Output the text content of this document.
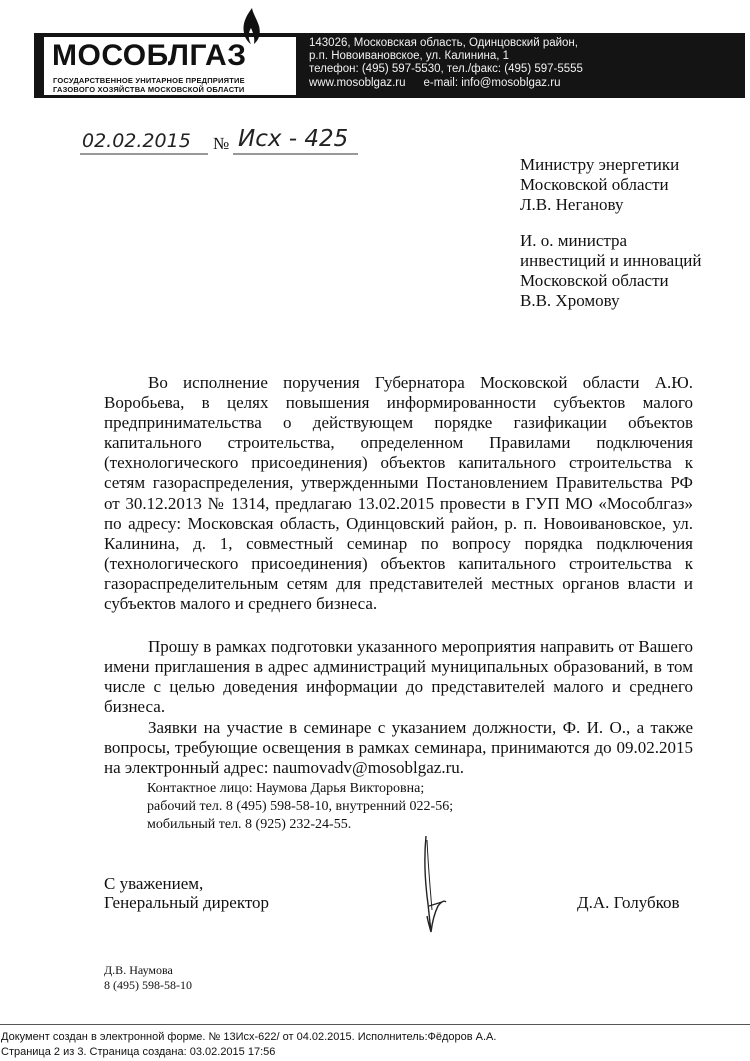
МОСОБЛГАЗ
ГОСУДАРСТВЕННОЕ УНИТАРНОЕ ПРЕДПРИЯТИЕ
ГАЗОВОГО ХОЗЯЙСТВА МОСКОВСКОЙ ОБЛАСТИ
143026, Московская область, Одинцовский район,
р.п. Новоивановское, ул. Калинина, 1
телефон: (495) 597-5530, тел./факс: (495) 597-5555
www.mosoblgaz.ru e-mail: info@mosoblgaz.ru
02.02.2015 № Исх - 425
Министру энергетики
Московской области
Л.В. Неганову
И. о. министра
инвестиций и инноваций
Московской области
В.В. Хромову

Во исполнение поручения Губернатора Московской области А.Ю. Воробьева, в целях повышения информированности субъектов малого предпринимательства о действующем порядке газификации объектов капитального строительства, определенном Правилами подключения (технологического присоединения) объектов капитального строительства к сетям газораспределения, утвержденными Постановлением Правительства РФ от 30.12.2013 № 1314, предлагаю 13.02.2015 провести в ГУП МО «Мособлгаз» по адресу: Московская область, Одинцовский район, р. п. Новоивановское, ул. Калинина, д. 1, совместный семинар по вопросу порядка подключения (технологического присоединения) объектов капитального строительства к газораспределительным сетям для представителей местных органов власти и субъектов малого и среднего бизнеса.

Прошу в рамках подготовки указанного мероприятия направить от Вашего имени приглашения в адрес администраций муниципальных образований, в том числе с целью доведения информации до представителей малого и среднего бизнеса.

Заявки на участие в семинаре с указанием должности, Ф. И. О., а также вопросы, требующие освещения в рамках семинара, принимаются до 09.02.2015 на электронный адрес: naumovadv@mosoblgaz.ru.

Контактное лицо: Наумова Дарья Викторовна;
рабочий тел. 8 (495) 598-58-10, внутренний 022-56;
мобильный тел. 8 (925) 232-24-55.
С уважением,
Генеральный директор	Д.А. Голубков
Д.В. Наумова
8 (495) 598-58-10
Документ создан в электронной форме. № 13Исх-622/ от 04.02.2015. Исполнитель:Фёдоров А.А.
Страница 2 из 3. Страница создана: 03.02.2015 17:56
